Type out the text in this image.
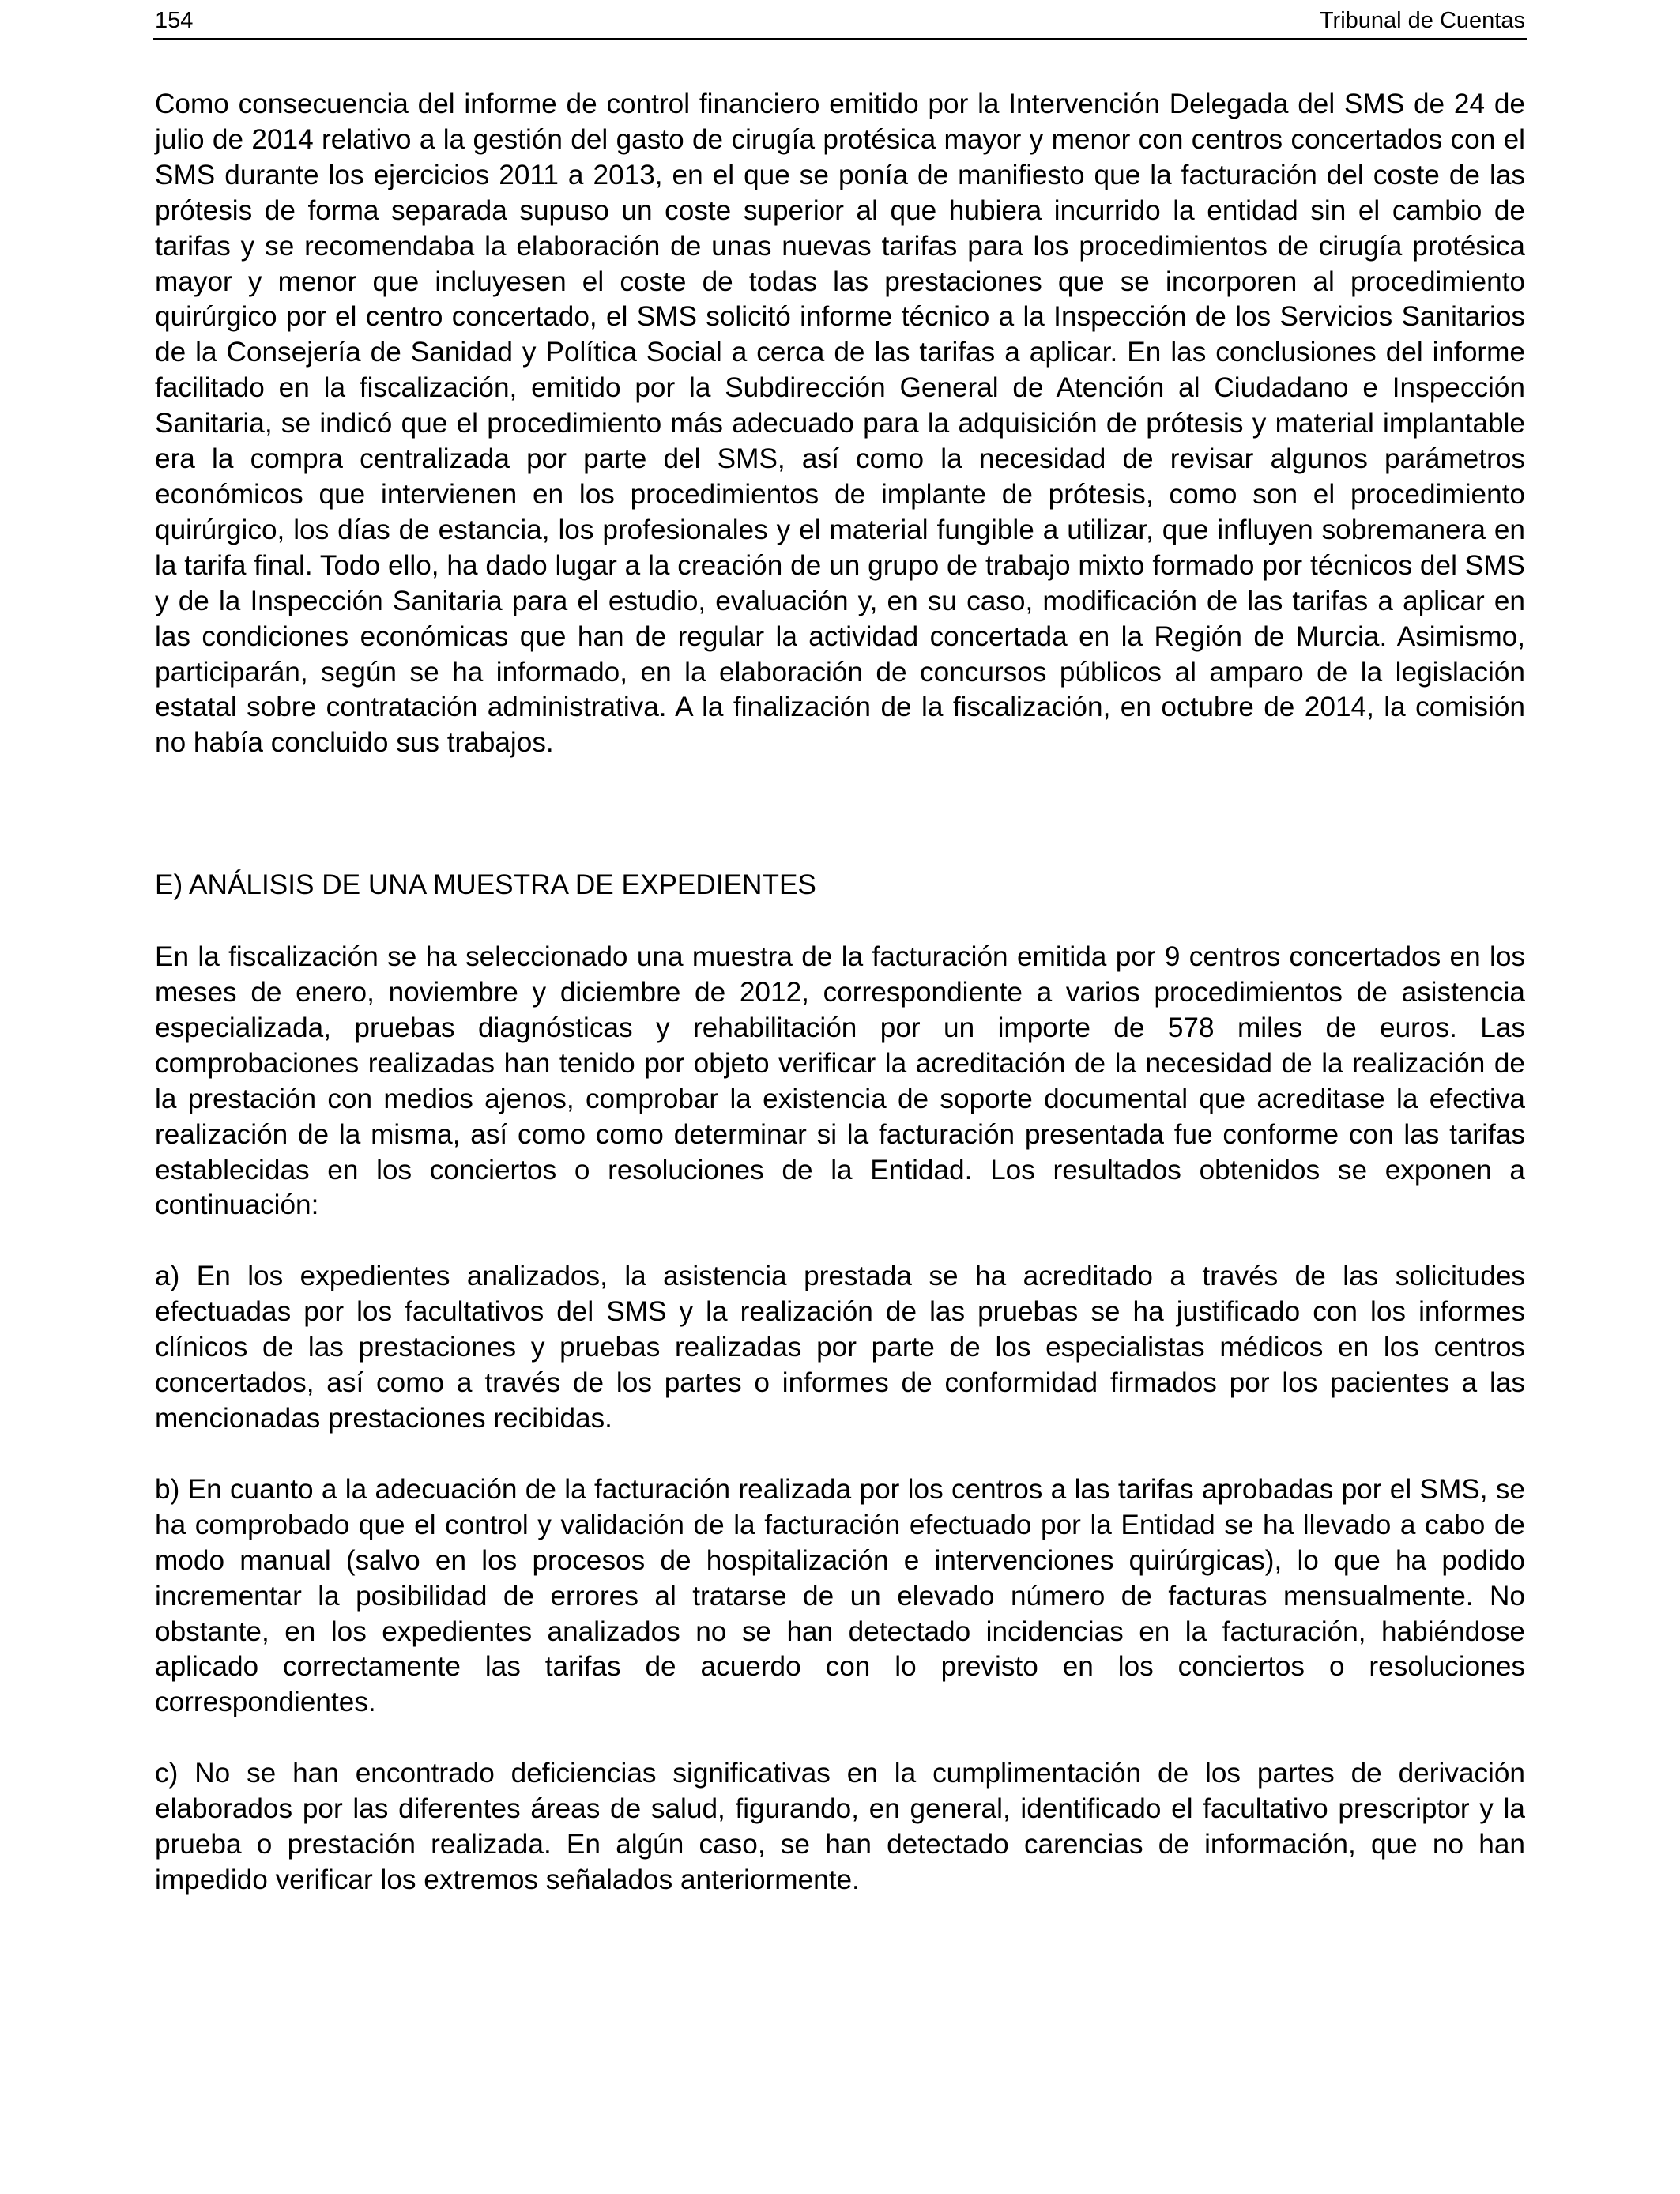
154	Tribunal de Cuentas

Como consecuencia del informe de control financiero emitido por la Intervención Delegada del SMS de 24 de julio de 2014 relativo a la gestión del gasto de cirugía protésica mayor y menor con centros concertados con el SMS durante los ejercicios 2011 a 2013, en el que se ponía de manifiesto que la facturación del coste de las prótesis de forma separada supuso un coste superior al que hubiera incurrido la entidad sin el cambio de tarifas y se recomendaba la elaboración de unas nuevas tarifas para los procedimientos de cirugía protésica mayor y menor que incluyesen el coste de todas las prestaciones que se incorporen al procedimiento quirúrgico por el centro concertado, el SMS solicitó informe técnico a la Inspección de los Servicios Sanitarios de la Consejería de Sanidad y Política Social a cerca de las tarifas a aplicar. En las conclusiones del informe facilitado en la fiscalización, emitido por la Subdirección General de Atención al Ciudadano e Inspección Sanitaria, se indicó que el procedimiento más adecuado para la adquisición de prótesis y material implantable era la compra centralizada por parte del SMS, así como la necesidad de revisar algunos parámetros económicos que intervienen en los procedimientos de implante de prótesis, como son el procedimiento quirúrgico, los días de estancia, los profesionales y el material fungible a utilizar, que influyen sobremanera en la tarifa final. Todo ello, ha dado lugar a la creación de un grupo de trabajo mixto formado por técnicos del SMS y de la Inspección Sanitaria para el estudio, evaluación y, en su caso, modificación de las tarifas a aplicar en las condiciones económicas que han de regular la actividad concertada en la Región de Murcia. Asimismo, participarán, según se ha informado, en la elaboración de concursos públicos al amparo de la legislación estatal sobre contratación administrativa. A la finalización de la fiscalización, en octubre de 2014, la comisión no había concluido sus trabajos.

E) ANÁLISIS DE UNA MUESTRA DE EXPEDIENTES

En la fiscalización se ha seleccionado una muestra de la facturación emitida por 9 centros concertados en los meses de enero, noviembre y diciembre de 2012, correspondiente a varios procedimientos de asistencia especializada, pruebas diagnósticas y rehabilitación por un importe de 578 miles de euros. Las comprobaciones realizadas han tenido por objeto verificar la acreditación de la necesidad de la realización de la prestación con medios ajenos, comprobar la existencia de soporte documental que acreditase la efectiva realización de la misma, así como como determinar si la facturación presentada fue conforme con las tarifas establecidas en los conciertos o resoluciones de la Entidad. Los resultados obtenidos se exponen a continuación:

a) En los expedientes analizados, la asistencia prestada se ha acreditado a través de las solicitudes efectuadas por los facultativos del SMS y la realización de las pruebas se ha justificado con los informes clínicos de las prestaciones y pruebas realizadas por parte de los especialistas médicos en los centros concertados, así como a través de los partes o informes de conformidad firmados por los pacientes a las mencionadas prestaciones recibidas.

b) En cuanto a la adecuación de la facturación realizada por los centros a las tarifas aprobadas por el SMS, se ha comprobado que el control y validación de la facturación efectuado por la Entidad se ha llevado a cabo de modo manual (salvo en los procesos de hospitalización e intervenciones quirúrgicas), lo que ha podido incrementar la posibilidad de errores al tratarse de un elevado número de facturas mensualmente. No obstante, en los expedientes analizados no se han detectado incidencias en la facturación, habiéndose aplicado correctamente las tarifas de acuerdo con lo previsto en los conciertos o resoluciones correspondientes.

c) No se han encontrado deficiencias significativas en la cumplimentación de los partes de derivación elaborados por las diferentes áreas de salud, figurando, en general, identificado el facultativo prescriptor y la prueba o prestación realizada. En algún caso, se han detectado carencias de información, que no han impedido verificar los extremos señalados anteriormente.
